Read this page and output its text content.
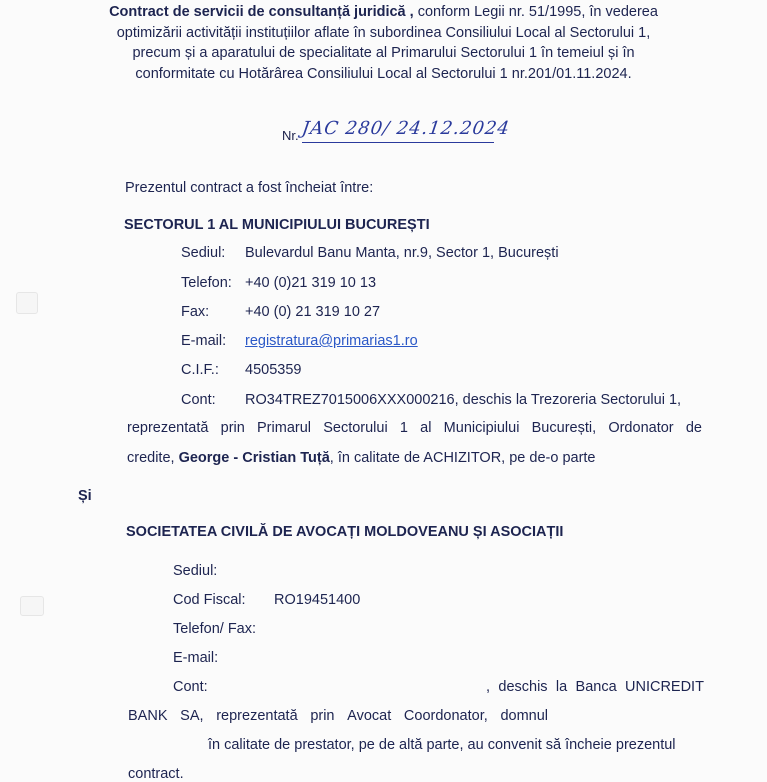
Contract de servicii de consultanță juridică , conform Legii nr. 51/1995, în vederea
optimizării activității instituțiilor aflate în subordinea Consiliului Local al Sectorului 1,
precum și a aparatului de specialitate al Primarului Sectorului 1 în temeiul și în
conformitate cu Hotărârea Consiliului Local al Sectorului 1 nr.201/01.11.2024.
Nr. JAC 280/ 24.12.2024
Prezentul contract a fost încheiat între:
SECTORUL 1 AL MUNICIPIULUI BUCUREȘTI
Sediul: Bulevardul Banu Manta, nr.9, Sector 1, București
Telefon: +40 (0)21 319 10 13
Fax: +40 (0) 21 319 10 27
E-mail: registratura@primarias1.ro
C.I.F.: 4505359
Cont: RO34TREZ7015006XXX000216, deschis la Trezoreria Sectorului 1,
reprezentată prin Primarul Sectorului 1 al Municipiului București, Ordonator de
credite, George - Cristian Tuță, în calitate de ACHIZITOR, pe de-o parte
Și
SOCIETATEA CIVILĂ DE AVOCAȚI MOLDOVEANU ȘI ASOCIAȚII
Sediul:
Cod Fiscal: RO19451400
Telefon/ Fax:
E-mail:
Cont:	, deschis la Banca UNICREDIT
BANK SA, reprezentată prin Avocat Coordonator, domnul
în calitate de prestator, pe de altă parte, au convenit să încheie prezentul
contract.
